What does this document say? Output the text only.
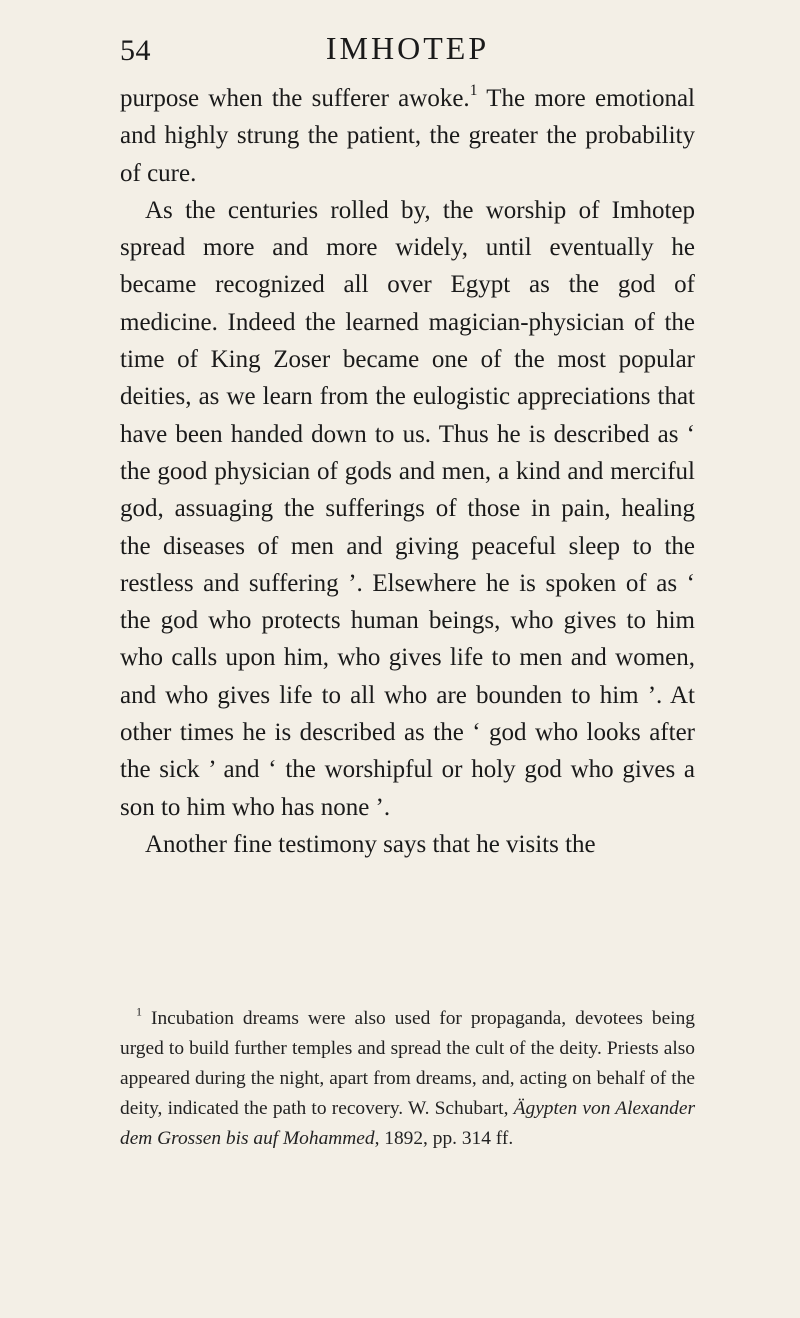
54	IMHOTEP

purpose when the sufferer awoke.$^1$ The more emotional and highly strung the patient, the greater the probability of cure.

As the centuries rolled by, the worship of Imhotep spread more and more widely, until eventually he became recognized all over Egypt as the god of medicine. Indeed the learned magician-physician of the time of King Zoser became one of the most popular deities, as we learn from the eulogistic appreciations that have been handed down to us. Thus he is described as ‘ the good physician of gods and men, a kind and merciful god, assuaging the sufferings of those in pain, healing the diseases of men and giving peaceful sleep to the restless and suffering ’. Elsewhere he is spoken of as ‘ the god who protects human beings, who gives to him who calls upon him, who gives life to men and women, and who gives life to all who are bounden to him ’. At other times he is described as the ‘ god who looks after the sick ’ and ‘ the worshipful or holy god who gives a son to him who has none ’.

Another fine testimony says that he visits the

$^1$ Incubation dreams were also used for propaganda, devotees being urged to build further temples and spread the cult of the deity. Priests also appeared during the night, apart from dreams, and, acting on behalf of the deity, indicated the path to recovery. W. Schubart, Ägypten von Alexander dem Grossen bis auf Mohammed, 1892, pp. 314 ff.
